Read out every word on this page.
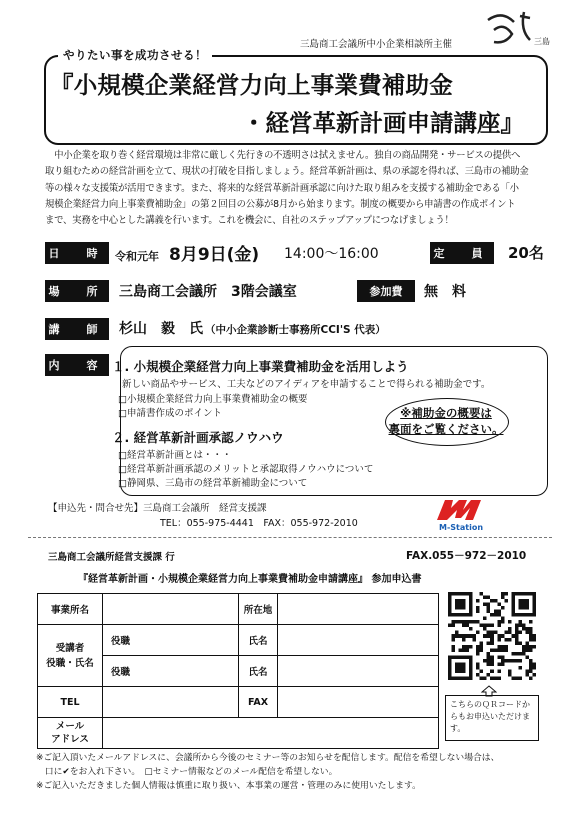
三島商工会議所中小企業相談所主催	三島
やりたい事を成功させる！
『小規模企業経営力向上事業費補助金
・経営革新計画申請講座』
　中小企業を取り巻く経営環境は非常に厳しく先行きの不透明さは拭えません。独自の商品開発・サービスの提供へ
取り組むための経営計画を立て、現状の打破を目指しましょう。経営革新計画は、県の承認を得れば、三島市の補助金
等の様々な支援策が活用できます。また、将来的な経営革新計画承認に向けた取り組みを支援する補助金である「小
規模企業経営力向上事業費補助金」の第２回目の公募が8月から始まります。制度の概要から申請書の作成ポイント
まで、実務を中心とした講義を行います。これを機会に、自社のステップアップにつなげましょう！
日　時 令和元年 8月9日(金) 14:00～16:00	定　員 20名
場　所 三島商工会議所　3階会議室	参加費	無　料
講　師 杉山　毅　氏 （中小企業診断士事務所CCI'S 代表）
内　容 １. 小規模企業経営力向上事業費補助金を活用しよう
新しい商品やサービス、工夫などのアイディアを申請することで得られる補助金です。
□小規模企業経営力向上事業費補助金の概要
□申請書作成のポイント
２. 経営革新計画承認ノウハウ
□経営革新計画とは・・・
□経営革新計画承認のメリットと承認取得ノウハウについて
□静岡県、三島市の経営革新補助金について
※補助金の概要は
裏面をご覧ください。
【申込先・問合せ先】三島商工会議所　経営支援課
TEL：055-975-4441　FAX：055-972-2010	M-Station
三島商工会議所経営支援課 行	FAX.055－972－2010
『経営革新計画・小規模企業経営力向上事業費補助金申請講座』 参加申込書
事業所名		所在地	

受講者
役職・氏名	役職	氏名	
	役職	氏名	
TEL		FAX	

メール
アドレス			

こちらのＱＲコードからもお申込いただけます。
※ご記入頂いたメールアドレスに、会議所から今後のセミナー等のお知らせを配信します。配信を希望しない場合は、
　口に✔をお入れ下さい。　□セミナー情報などのメール配信を希望しない。
※ご記入いただきました個人情報は慎重に取り扱い、本事業の運営・管理のみに使用いたします。
